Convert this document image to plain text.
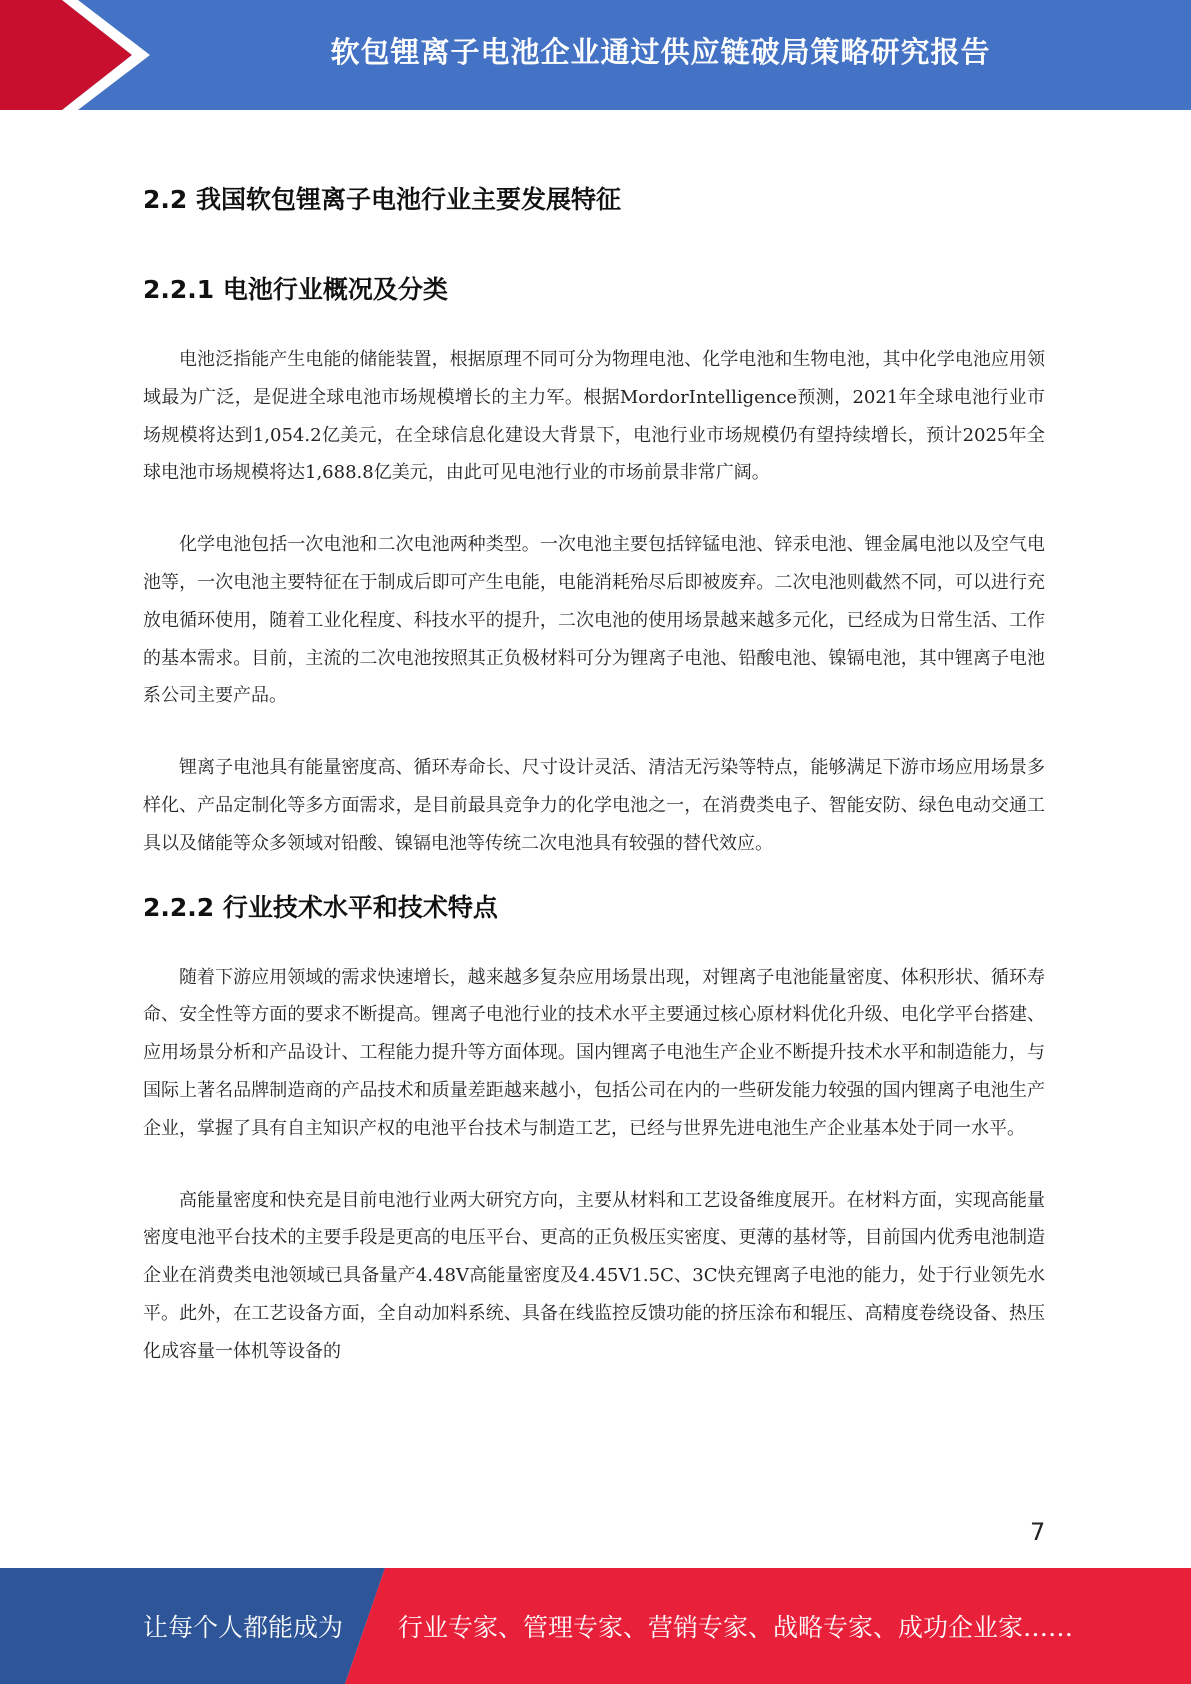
软包锂离子电池企业通过供应链破局策略研究报告
2.2 我国软包锂离子电池行业主要发展特征
2.2.1 电池行业概况及分类

电池泛指能产生电能的储能装置，根据原理不同可分为物理电池、化学电池和生物电池，其中化学电池应用领域最为广泛，是促进全球电池市场规模增长的主力军。根据MordorIntelligence预测，2021年全球电池行业市场规模将达到1,054.2亿美元，在全球信息化建设大背景下，电池行业市场规模仍有望持续增长，预计2025年全球电池市场规模将达1,688.8亿美元，由此可见电池行业的市场前景非常广阔。

化学电池包括一次电池和二次电池两种类型。一次电池主要包括锌锰电池、锌汞电池、锂金属电池以及空气电池等，一次电池主要特征在于制成后即可产生电能，电能消耗殆尽后即被废弃。二次电池则截然不同，可以进行充放电循环使用，随着工业化程度、科技水平的提升，二次电池的使用场景越来越多元化，已经成为日常生活、工作的基本需求。目前，主流的二次电池按照其正负极材料可分为锂离子电池、铅酸电池、镍镉电池，其中锂离子电池系公司主要产品。

锂离子电池具有能量密度高、循环寿命长、尺寸设计灵活、清洁无污染等特点，能够满足下游市场应用场景多样化、产品定制化等多方面需求，是目前最具竞争力的化学电池之一，在消费类电子、智能安防、绿色电动交通工具以及储能等众多领域对铅酸、镍镉电池等传统二次电池具有较强的替代效应。

2.2.2 行业技术水平和技术特点

随着下游应用领域的需求快速增长，越来越多复杂应用场景出现，对锂离子电池能量密度、体积形状、循环寿命、安全性等方面的要求不断提高。锂离子电池行业的技术水平主要通过核心原材料优化升级、电化学平台搭建、应用场景分析和产品设计、工程能力提升等方面体现。国内锂离子电池生产企业不断提升技术水平和制造能力，与国际上著名品牌制造商的产品技术和质量差距越来越小，包括公司在内的一些研发能力较强的国内锂离子电池生产企业，掌握了具有自主知识产权的电池平台技术与制造工艺，已经与世界先进电池生产企业基本处于同一水平。

高能量密度和快充是目前电池行业两大研究方向，主要从材料和工艺设备维度展开。在材料方面，实现高能量密度电池平台技术的主要手段是更高的电压平台、更高的正负极压实密度、更薄的基材等，目前国内优秀电池制造企业在消费类电池领域已具备量产4.48V高能量密度及4.45V1.5C、3C快充锂离子电池的能力，处于行业领先水平。此外，在工艺设备方面，全自动加料系统、具备在线监控反馈功能的挤压涂布和辊压、高精度卷绕设备、热压化成容量一体机等设备的

7
让每个人都能成为 行业专家、管理专家、营销专家、战略专家、成功企业家……
